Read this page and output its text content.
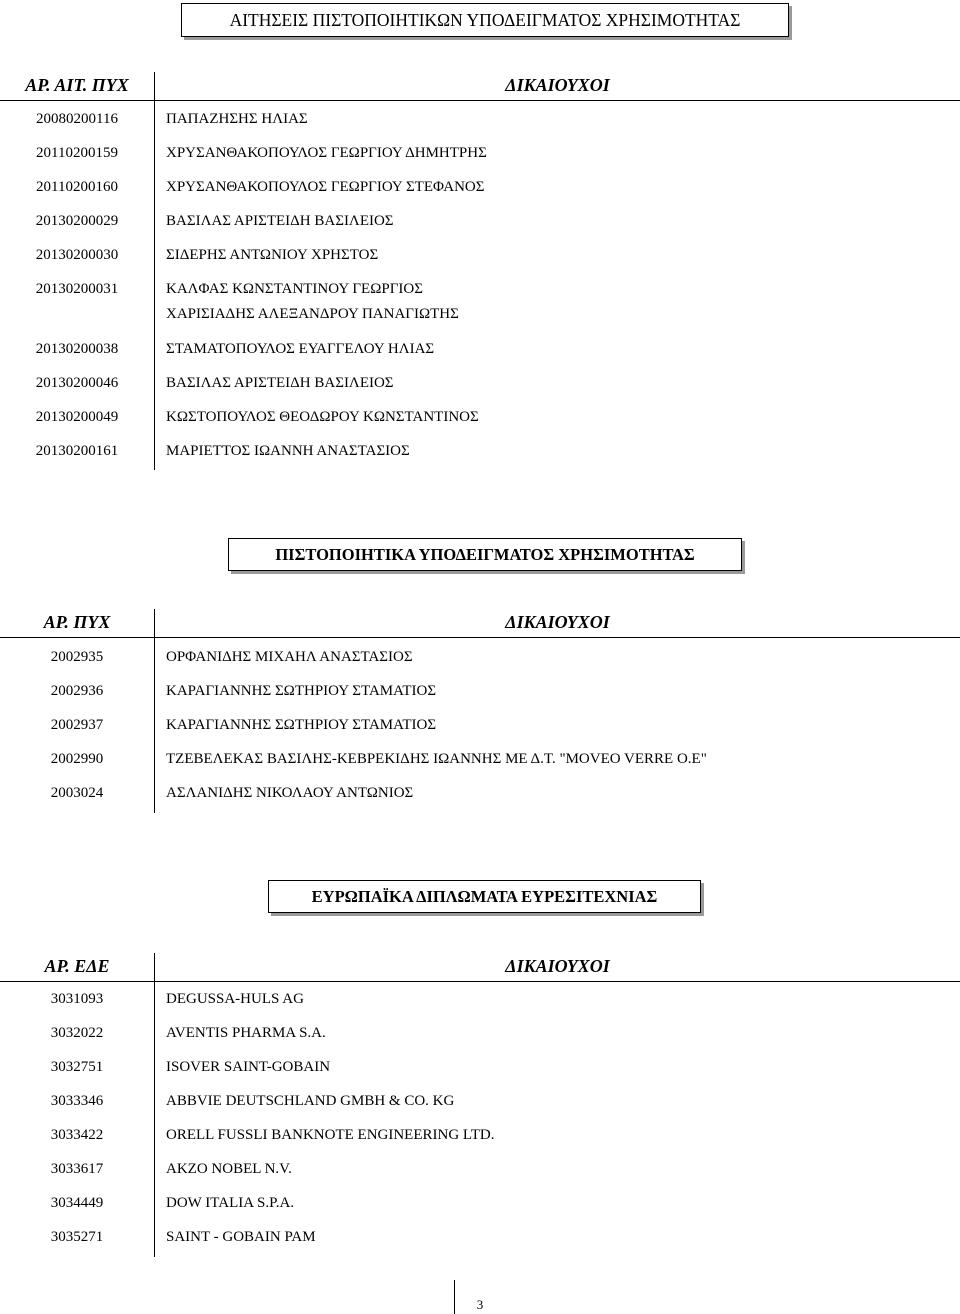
ΑΙΤΗΣΕΙΣ ΠΙΣΤΟΠΟΙΗΤΙΚΩΝ ΥΠΟΔΕΙΓΜΑΤΟΣ ΧΡΗΣΙΜΟΤΗΤΑΣ
ΑΡ. ΑΙΤ. ΠΥΧ	ΔΙΚΑΙΟΥΧΟΙ
20080200116	ΠΑΠΑΖΗΣΗΣ ΗΛΙΑΣ
20110200159	ΧΡΥΣΑΝΘΑΚΟΠΟΥΛΟΣ ΓΕΩΡΓΙΟΥ ΔΗΜΗΤΡΗΣ
20110200160	ΧΡΥΣΑΝΘΑΚΟΠΟΥΛΟΣ ΓΕΩΡΓΙΟΥ ΣΤΕΦΑΝΟΣ
20130200029	ΒΑΣΙΛΑΣ ΑΡΙΣΤΕΙΔΗ ΒΑΣΙΛΕΙΟΣ
20130200030	ΣΙΔΕΡΗΣ ΑΝΤΩΝΙΟΥ ΧΡΗΣΤΟΣ
20130200031	ΚΑΛΦΑΣ ΚΩΝΣΤΑΝΤΙΝΟΥ ΓΕΩΡΓΙΟΣ
ΧΑΡΙΣΙΑΔΗΣ ΑΛΕΞΑΝΔΡΟΥ ΠΑΝΑΓΙΩΤΗΣ
20130200038	ΣΤΑΜΑΤΟΠΟΥΛΟΣ ΕΥΑΓΓΕΛΟΥ ΗΛΙΑΣ
20130200046	ΒΑΣΙΛΑΣ ΑΡΙΣΤΕΙΔΗ ΒΑΣΙΛΕΙΟΣ
20130200049	ΚΩΣΤΟΠΟΥΛΟΣ ΘΕΟΔΩΡΟΥ ΚΩΝΣΤΑΝΤΙΝΟΣ
20130200161	ΜΑΡΙΕΤΤΟΣ ΙΩΑΝΝΗ ΑΝΑΣΤΑΣΙΟΣ
ΠΙΣΤΟΠΟΙΗΤΙΚΑ ΥΠΟΔΕΙΓΜΑΤΟΣ ΧΡΗΣΙΜΟΤΗΤΑΣ
ΑΡ. ΠΥΧ	ΔΙΚΑΙΟΥΧΟΙ
2002935	ΟΡΦΑΝΙΔΗΣ ΜΙΧΑΗΛ ΑΝΑΣΤΑΣΙΟΣ
2002936	ΚΑΡΑΓΙΑΝΝΗΣ ΣΩΤΗΡΙΟΥ ΣΤΑΜΑΤΙΟΣ
2002937	ΚΑΡΑΓΙΑΝΝΗΣ ΣΩΤΗΡΙΟΥ ΣΤΑΜΑΤΙΟΣ
2002990	ΤΖΕΒΕΛΕΚΑΣ ΒΑΣΙΛΗΣ-ΚΕΒΡΕΚΙΔΗΣ ΙΩΑΝΝΗΣ ΜΕ Δ.Τ. "MOVEO VERRE O.E"
2003024	ΑΣΛΑΝΙΔΗΣ ΝΙΚΟΛΑΟΥ ΑΝΤΩΝΙΟΣ
ΕΥΡΩΠΑΪΚΑ ΔΙΠΛΩΜΑΤΑ ΕΥΡΕΣΙΤΕΧΝΙΑΣ
ΑΡ. ΕΔΕ	ΔΙΚΑΙΟΥΧΟΙ
3031093	DEGUSSA-HULS AG
3032022	AVENTIS PHARMA S.A.
3032751	ISOVER SAINT-GOBAIN
3033346	ABBVIE DEUTSCHLAND GMBH & CO. KG
3033422	ORELL FUSSLI BANKNOTE ENGINEERING LTD.
3033617	AKZO NOBEL N.V.
3034449	DOW ITALIA S.P.A.
3035271	SAINT - GOBAIN PAM
3
